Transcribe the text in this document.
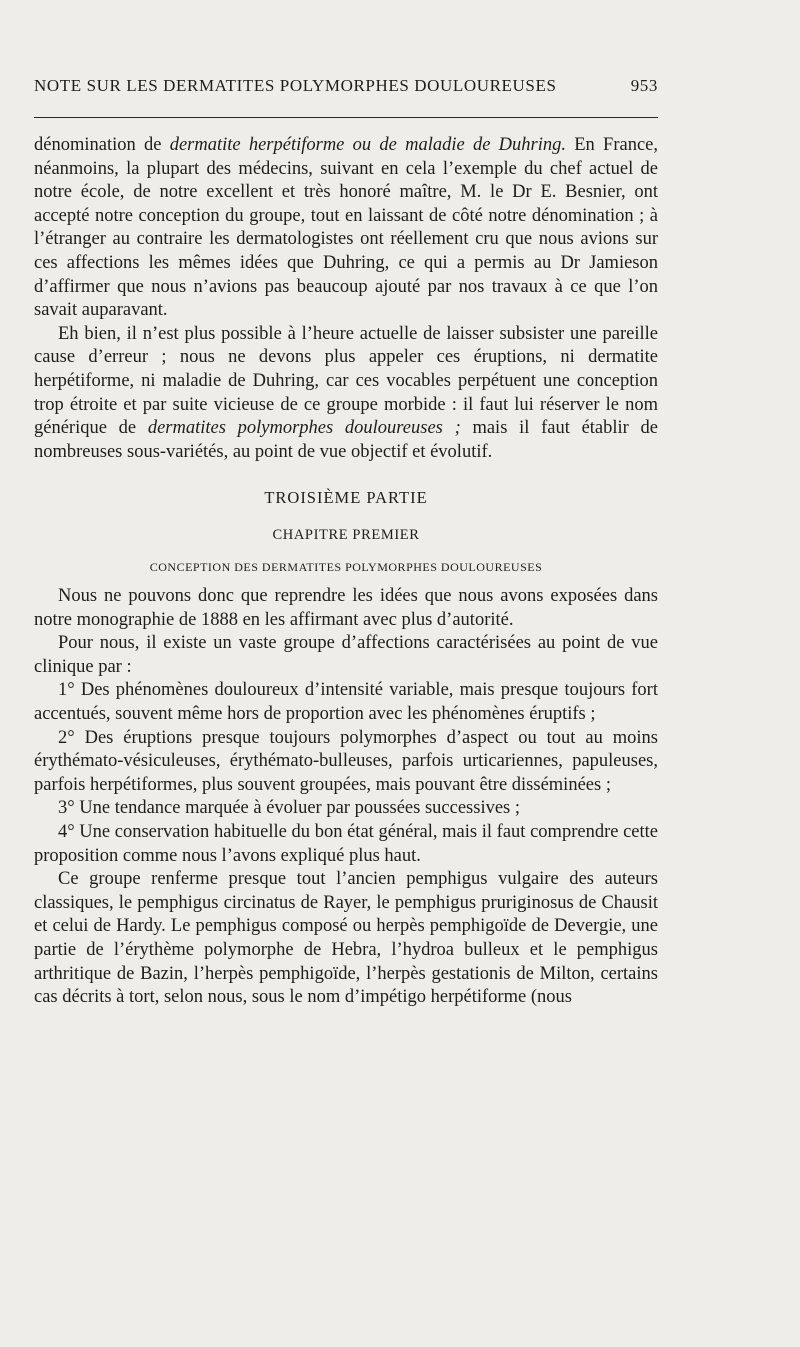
NOTE SUR LES DERMATITES POLYMORPHES DOULOUREUSES	953

dénomination de dermatite herpétiforme ou de maladie de Duhring. En France, néanmoins, la plupart des médecins, suivant en cela l’exemple du chef actuel de notre école, de notre excellent et très honoré maître, M. le Dr E. Besnier, ont accepté notre conception du groupe, tout en laissant de côté notre dénomination ; à l’étranger au contraire les dermatologistes ont réellement cru que nous avions sur ces affections les mêmes idées que Duhring, ce qui a permis au Dr Jamieson d’affirmer que nous n’avions pas beaucoup ajouté par nos travaux à ce que l’on savait auparavant.

Eh bien, il n’est plus possible à l’heure actuelle de laisser subsister une pareille cause d’erreur ; nous ne devons plus appeler ces éruptions, ni dermatite herpétiforme, ni maladie de Duhring, car ces vocables perpétuent une conception trop étroite et par suite vicieuse de ce groupe morbide : il faut lui réserver le nom générique de dermatites polymorphes douloureuses ; mais il faut établir de nombreuses sous-variétés, au point de vue objectif et évolutif.

TROISIÈME PARTIE

CHAPITRE PREMIER

CONCEPTION DES DERMATITES POLYMORPHES DOULOUREUSES

Nous ne pouvons donc que reprendre les idées que nous avons exposées dans notre monographie de 1888 en les affirmant avec plus d’autorité.

Pour nous, il existe un vaste groupe d’affections caractérisées au point de vue clinique par :

1° Des phénomènes douloureux d’intensité variable, mais presque toujours fort accentués, souvent même hors de proportion avec les phénomènes éruptifs ;

2° Des éruptions presque toujours polymorphes d’aspect ou tout au moins érythémato-vésiculeuses, érythémato-bulleuses, parfois urticariennes, papuleuses, parfois herpétiformes, plus souvent groupées, mais pouvant être disséminées ;

3° Une tendance marquée à évoluer par poussées successives ;

4° Une conservation habituelle du bon état général, mais il faut comprendre cette proposition comme nous l’avons expliqué plus haut.

Ce groupe renferme presque tout l’ancien pemphigus vulgaire des auteurs classiques, le pemphigus circinatus de Rayer, le pemphigus pruriginosus de Chausit et celui de Hardy. Le pemphigus composé ou herpès pemphigoïde de Devergie, une partie de l’érythème polymorphe de Hebra, l’hydroa bulleux et le pemphigus arthritique de Bazin, l’herpès pemphigoïde, l’herpès gestationis de Milton, certains cas décrits à tort, selon nous, sous le nom d’impétigo herpétiforme (nous
